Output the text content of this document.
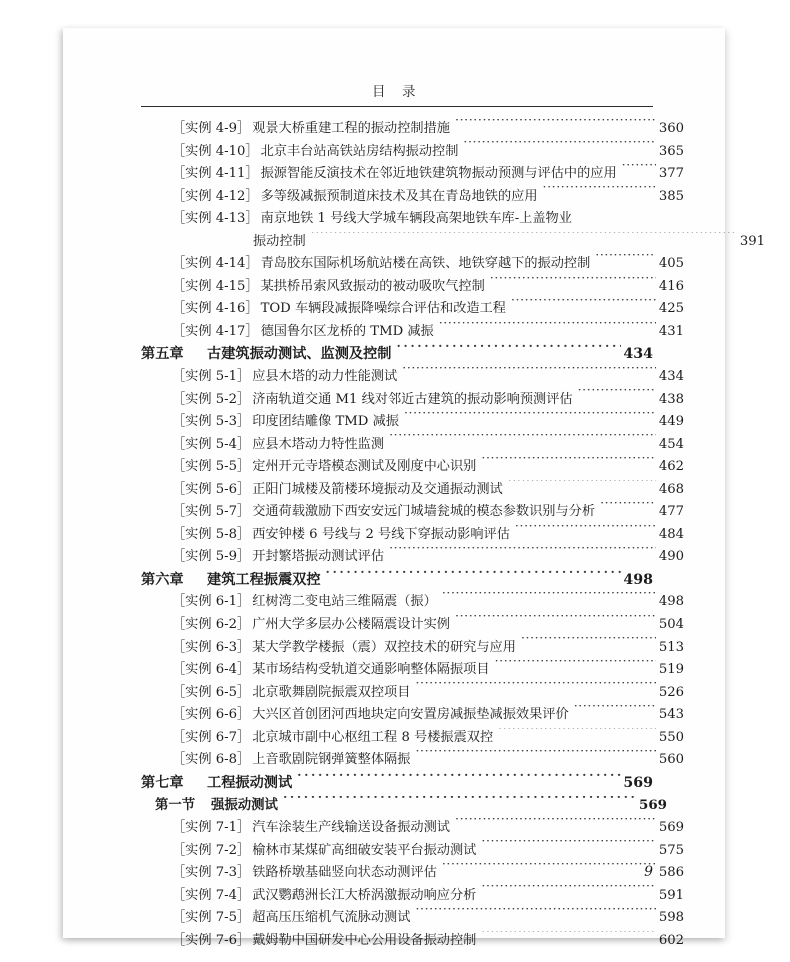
目 录
［实例 4-9］ 观景大桥重建工程的振动控制措施 ·····	360
［实例 4-10］ 北京丰台站高铁站房结构振动控制 ·····	365
［实例 4-11］ 振源智能反演技术在邻近地铁建筑物振动预测与评估中的应用 ·····	377
［实例 4-12］ 多等级减振预制道床技术及其在青岛地铁的应用 ·····	385
［实例 4-13］ 南京地铁 1 号线大学城车辆段高架地铁车库-上盖物业
振动控制 ·····	391
［实例 4-14］ 青岛胶东国际机场航站楼在高铁、地铁穿越下的振动控制 ·····	405
［实例 4-15］ 某拱桥吊索风致振动的被动吸吹气控制 ·····	416
［实例 4-16］ TOD 车辆段减振降噪综合评估和改造工程 ·····	425
［实例 4-17］ 德国鲁尔区龙桥的 TMD 减振 ·····	431
第五章	古建筑振动测试、监测及控制 ·····	434
［实例 5-1］ 应县木塔的动力性能测试 ·····	434
［实例 5-2］ 济南轨道交通 M1 线对邻近古建筑的振动影响预测评估 ·····	438
［实例 5-3］ 印度团结雕像 TMD 减振 ·····	449
［实例 5-4］ 应县木塔动力特性监测 ·····	454
［实例 5-5］ 定州开元寺塔模态测试及刚度中心识别 ·····	462
［实例 5-6］ 正阳门城楼及箭楼环境振动及交通振动测试 ·····	468
［实例 5-7］ 交通荷载激励下西安安远门城墙瓮城的模态参数识别与分析 ·····	477
［实例 5-8］ 西安钟楼 6 号线与 2 号线下穿振动影响评估 ·····	484
［实例 5-9］ 开封繁塔振动测试评估 ·····	490
第六章	建筑工程振震双控 ·····	498
［实例 6-1］ 红树湾二变电站三维隔震（振） ·····	498
［实例 6-2］ 广州大学多层办公楼隔震设计实例 ·····	504
［实例 6-3］ 某大学教学楼振（震）双控技术的研究与应用 ·····	513
［实例 6-4］ 某市场结构受轨道交通影响整体隔振项目 ·····	519
［实例 6-5］ 北京歌舞剧院振震双控项目 ·····	526
［实例 6-6］ 大兴区首创团河西地块定向安置房减振垫减振效果评价 ·····	543
［实例 6-7］ 北京城市副中心枢纽工程 8 号楼振震双控 ·····	550
［实例 6-8］ 上音歌剧院钢弹簧整体隔振 ·····	560
第七章	工程振动测试 ·····	569
第一节	强振动测试 ·····	569
［实例 7-1］ 汽车涂装生产线输送设备振动测试 ·····	569
［实例 7-2］ 榆林市某煤矿高细破安装平台振动测试 ·····	575
［实例 7-3］ 铁路桥墩基础竖向状态动测评估 ·····	586
［实例 7-4］ 武汉鹦鹉洲长江大桥涡激振动响应分析 ·····	591
［实例 7-5］ 超高压压缩机气流脉动测试 ·····	598
［实例 7-6］ 戴姆勒中国研发中心公用设备振动控制 ·····	602
9
